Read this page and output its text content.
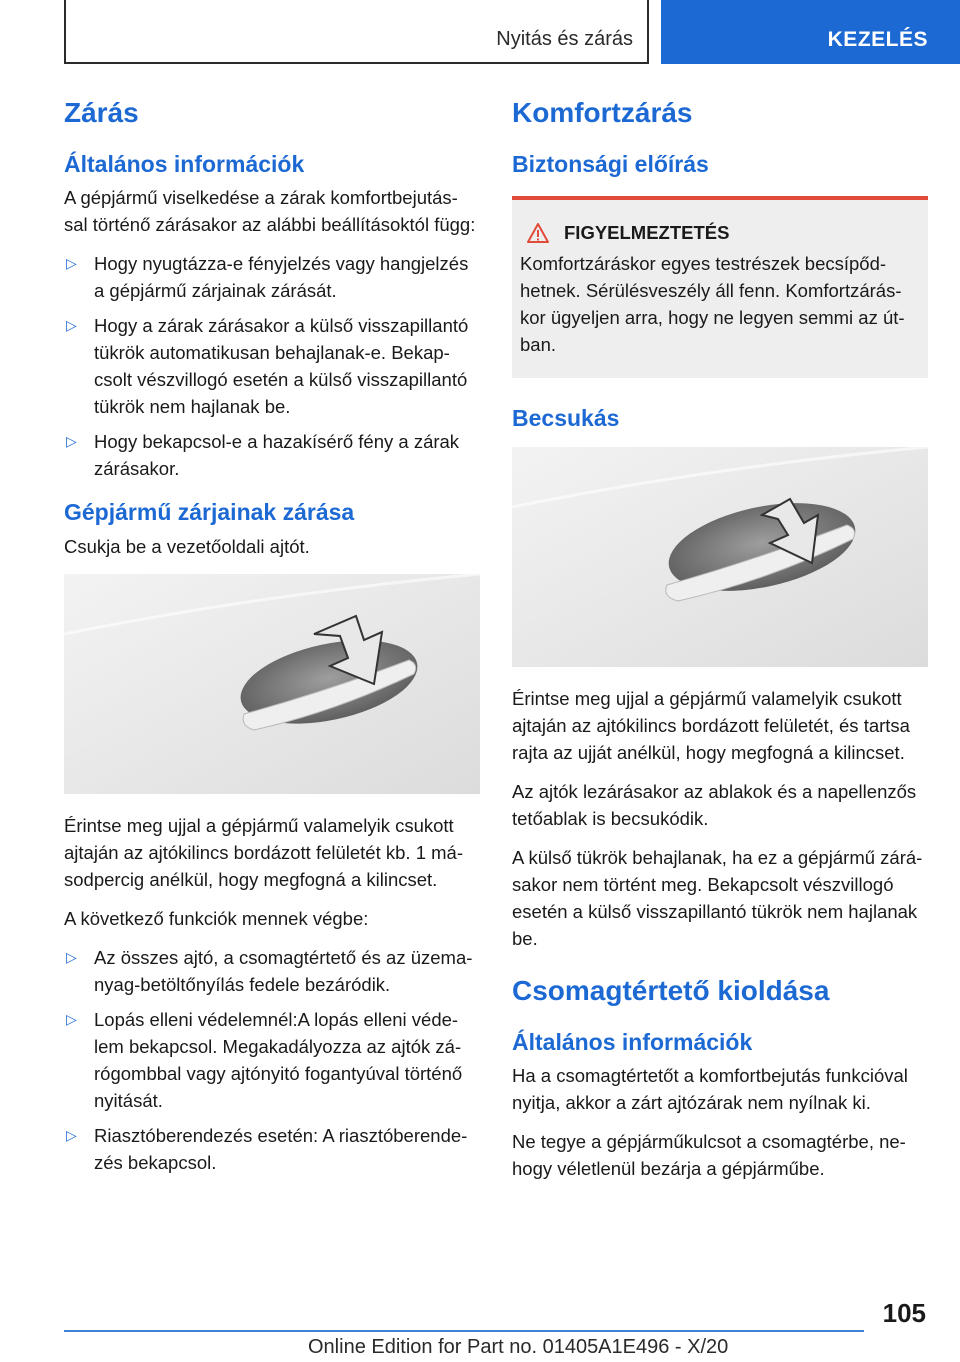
Nyitás és zárás	KEZELÉS
Zárás
Általános információk

A gépjármű viselkedése a zárak komfortbejutás-sal történő zárásakor az alábbi beállításoktól függ:

▷ Hogy nyugtázza-e fényjelzés vagy hangjelzés a gépjármű zárjainak zárását.
▷ Hogy a zárak zárásakor a külső visszapillantó tükrök automatikusan behajlanak-e. Bekap-csolt vészvillogó esetén a külső visszapillantó tükrök nem hajlanak be.
▷ Hogy bekapcsol-e a hazakísérő fény a zárak zárásakor.
Gépjármű zárjainak zárása

Csukja be a vezetőoldali ajtót.

Érintse meg ujjal a gépjármű valamelyik csukott ajtaján az ajtókilincs bordázott felületét kb. 1 má-sodpercig anélkül, hogy megfogná a kilincset.

A következő funkciók mennek végbe:

▷ Az összes ajtó, a csomagtértető és az üzema-nyag-betöltőnyílás fedele bezáródik.
▷ Lopás elleni védelemnél:A lopás elleni véde-lem bekapcsol. Megakadályozza az ajtók zá-rógombbal vagy ajtónyitó fogantyúval történő nyitását.
▷ Riasztóberendezés esetén: A riasztóberende-zés bekapcsol.
Komfortzárás
Biztonsági előírás
FIGYELMEZTETÉS

Komfortzáráskor egyes testrészek becsípőd-hetnek. Sérülésveszély áll fenn. Komfortzárás-kor ügyeljen arra, hogy ne legyen semmi az út-ban.

Becsukás

Érintse meg ujjal a gépjármű valamelyik csukott ajtaján az ajtókilincs bordázott felületét, és tartsa rajta az ujját anélkül, hogy megfogná a kilincset.

Az ajtók lezárásakor az ablakok és a napellenzős tetőablak is becsukódik.

A külső tükrök behajlanak, ha ez a gépjármű zárá-sakor nem történt meg. Bekapcsolt vészvillogó esetén a külső visszapillantó tükrök nem hajlanak be.

Csomagtértető kioldása
Általános információk

Ha a csomagtértetőt a komfortbejutás funkcióval nyitja, akkor a zárt ajtózárak nem nyílnak ki.

Ne tegye a gépjárműkulcsot a csomagtérbe, ne-hogy véletlenül bezárja a gépjárműbe.

105
Online Edition for Part no. 01405A1E496 - X/20
